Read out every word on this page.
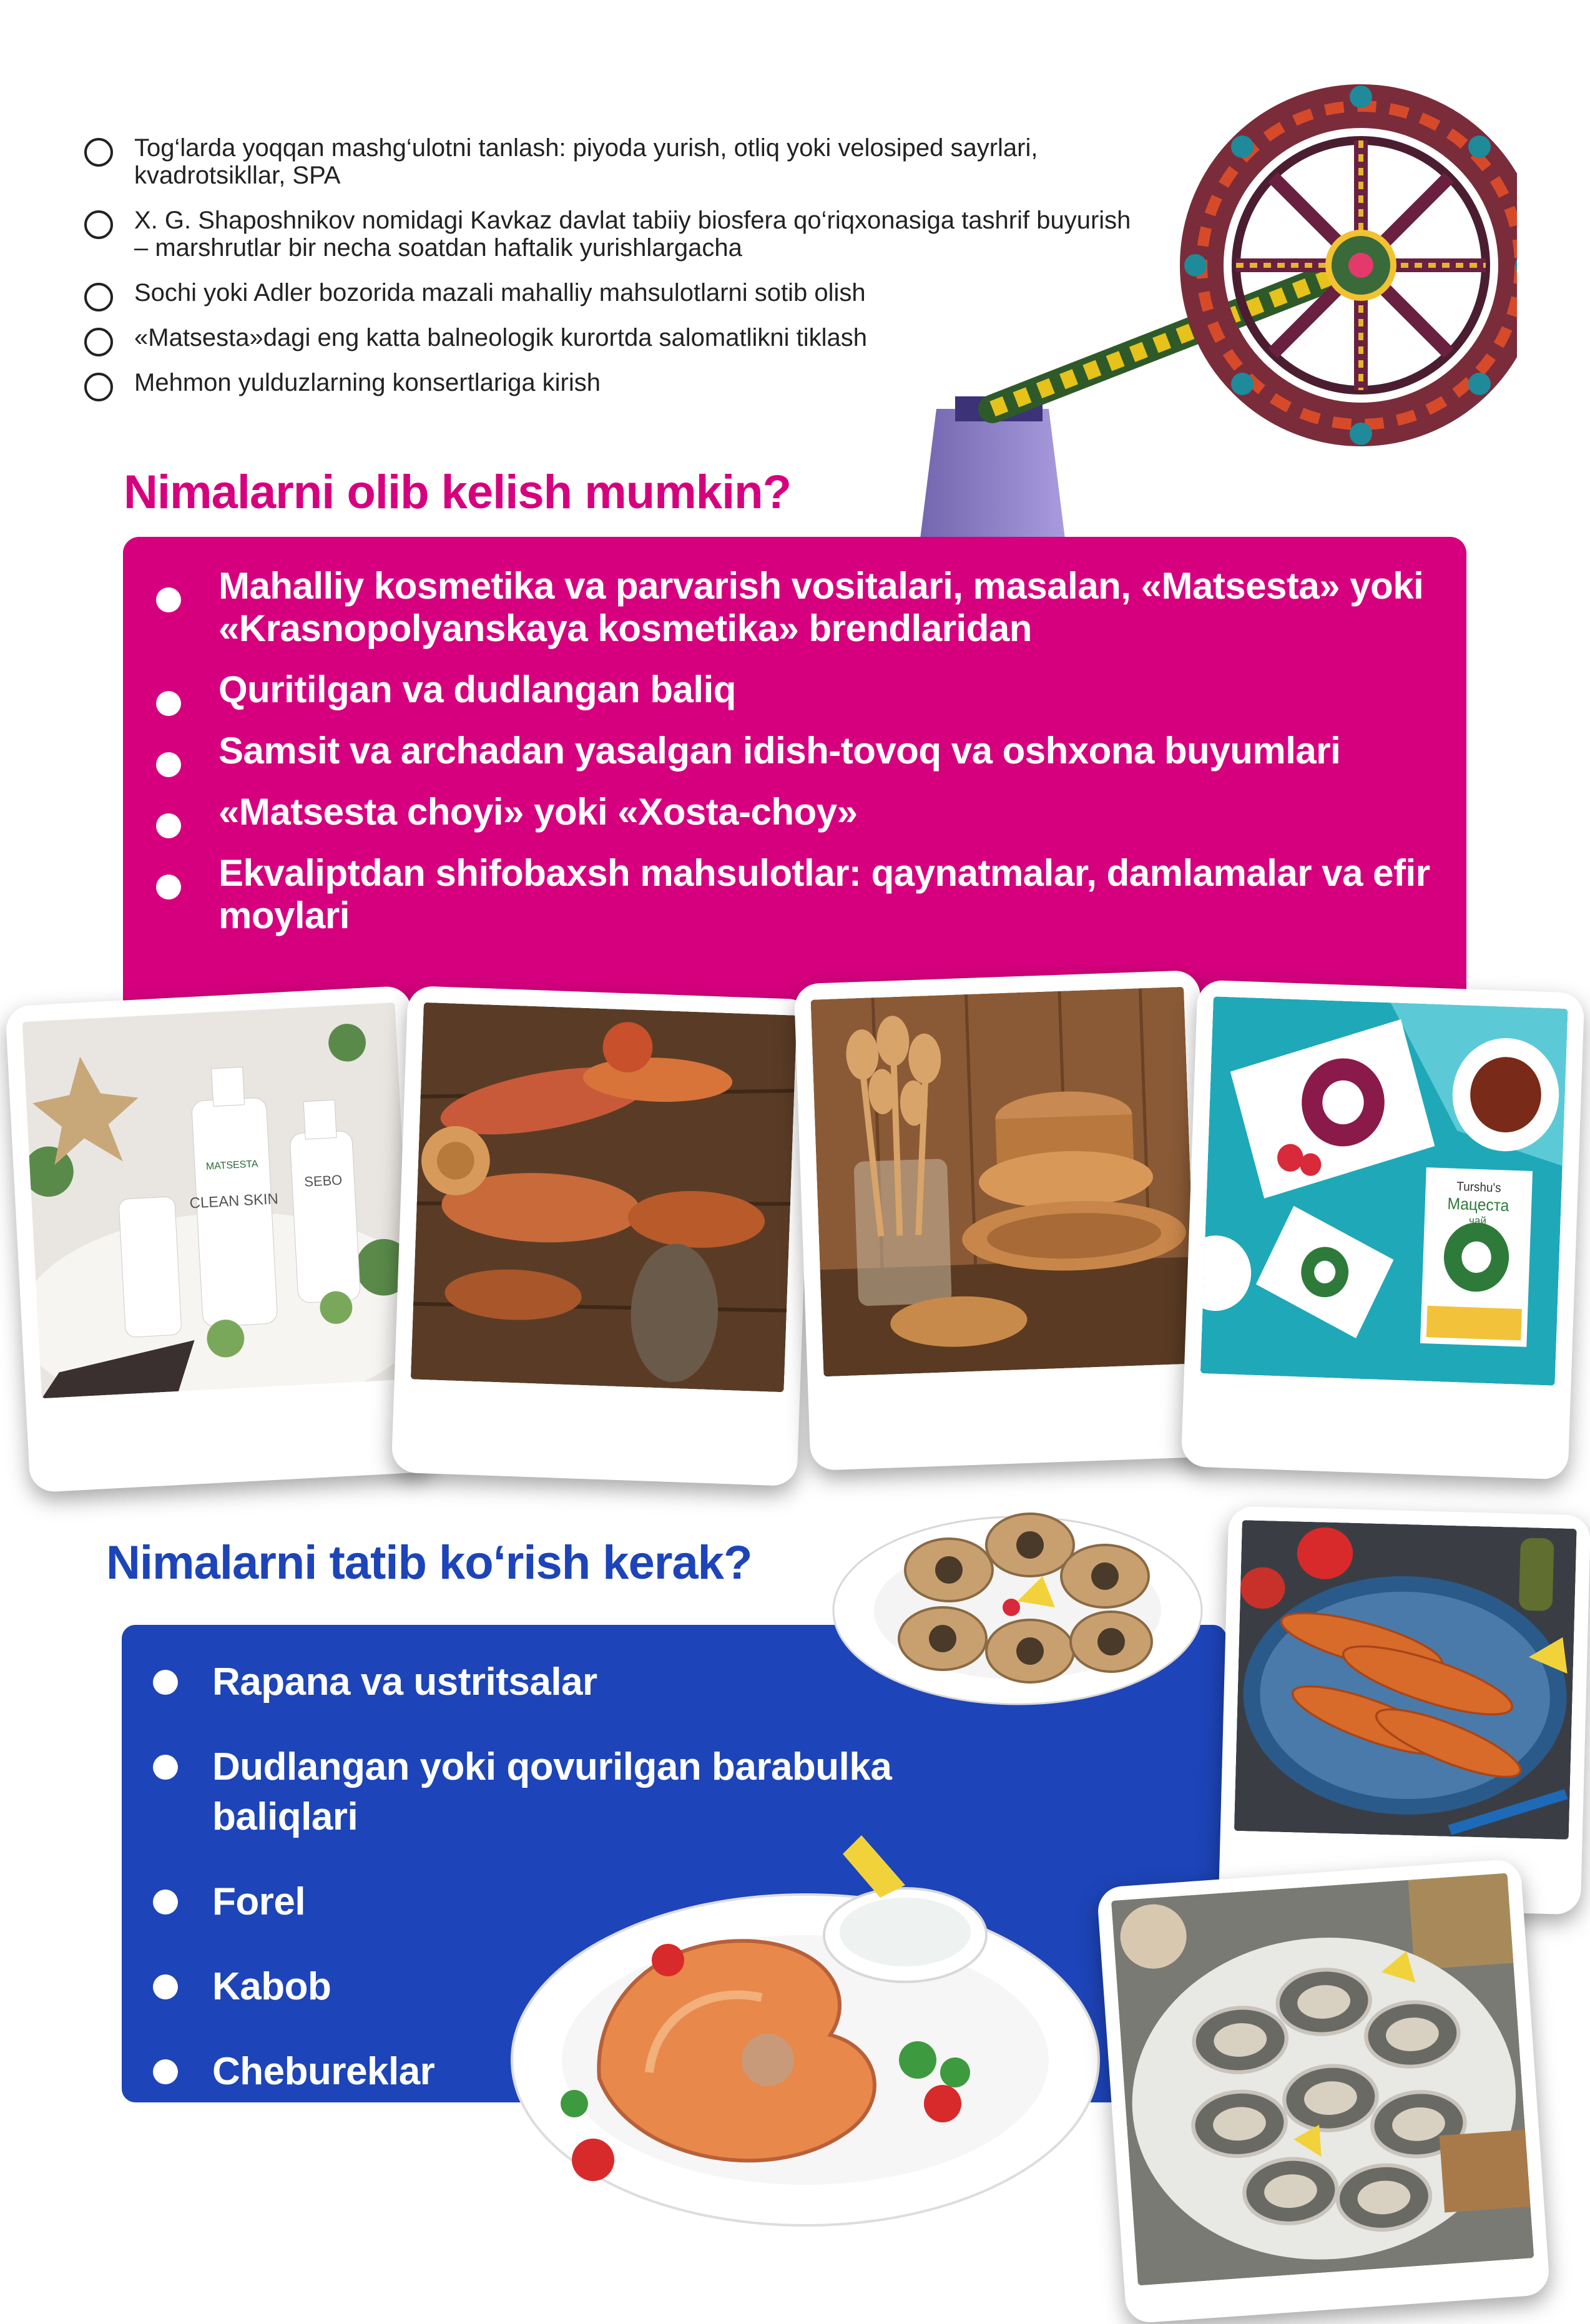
Tog‘larda yoqqan mashg‘ulotni tanlash: piyoda yurish, otliq yoki velosiped sayrlari, kvadrotsikllar, SPA
X. G. Shaposhnikov nomidagi Kavkaz davlat tabiiy biosfera qo‘riqxonasiga tashrif buyurish – marshrutlar bir necha soatdan haftalik yurishlargacha
Sochi yoki Adler bozorida mazali mahalliy mahsulotlarni sotib olish
«Matsesta»dagi eng katta balneologik kurortda salomatlikni tiklash
Mehmon yulduzlarning konsertlariga kirish
Nimalarni olib kelish mumkin?
Mahalliy kosmetika va parvarish vositalari, masalan, «Matsesta» yoki «Krasnopolyanskaya kosmetika» brendlaridan
Quritilgan va dudlangan baliq
Samsit va archadan yasalgan idish-tovoq va oshxona buyumlari
«Matsesta choyi» yoki «Xosta-choy»
Ekvaliptdan shifobaxsh mahsulotlar: qaynatmalar, damlamalar va efir moylari
MATSESTA
CLEAN SKIN
SEBO	Turshu's
Мацеста
чай
Nimalarni tatib ko‘rish kerak?
Rapana va ustritsalar
Dudlangan yoki qovurilgan barabulka baliqlari
Forel
Kabob
Chebureklar
